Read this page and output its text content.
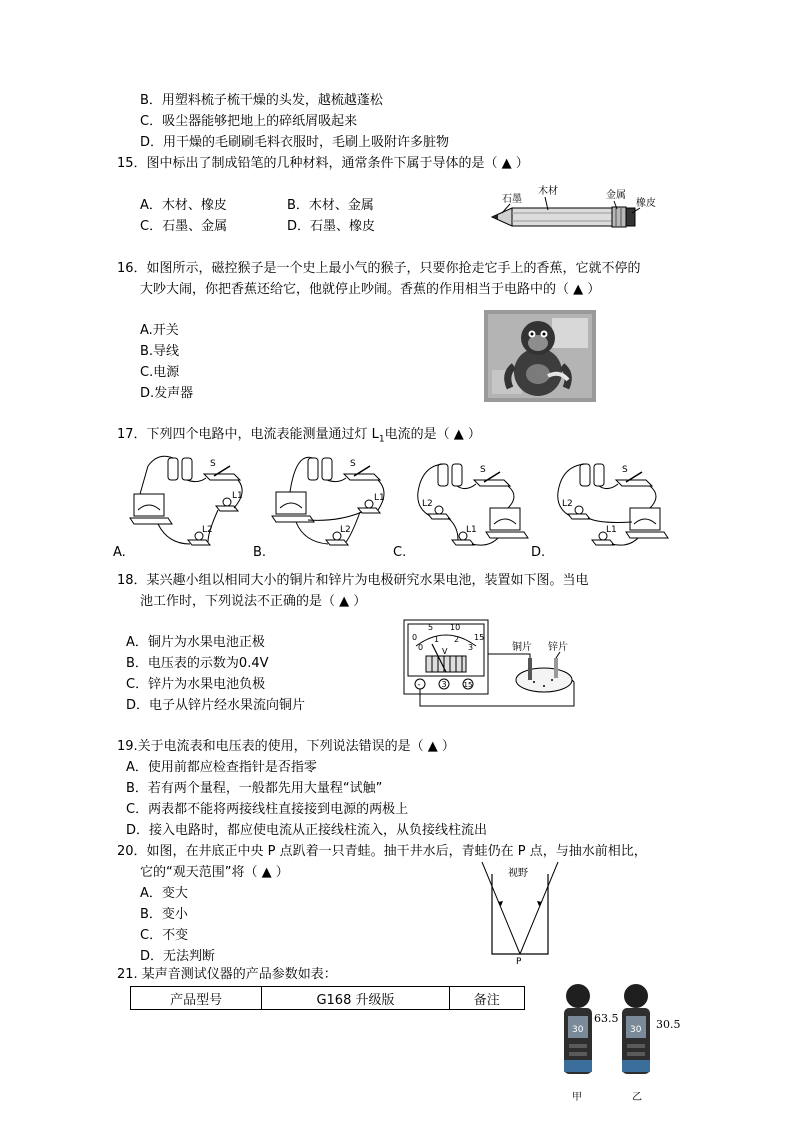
B．用塑料梳子梳干燥的头发，越梳越蓬松
C．吸尘器能够把地上的碎纸屑吸起来
D．用干燥的毛刷刷毛料衣服时，毛刷上吸附许多脏物
15．图中标出了制成铅笔的几种材料，通常条件下属于导体的是（ ▲ ）
A．木材、橡皮	B．木材、金属
C．石墨、金属	D．石墨、橡皮
石墨
木材	金属
橡皮
16．如图所示，磁控猴子是一个史上最小气的猴子，只要你抢走它手上的香蕉，它就不停的
大吵大闹，你把香蕉还给它，他就停止吵闹。香蕉的作用相当于电路中的（ ▲ ）
A.开关
B.导线
C.电源
D.发声器
17．下列四个电路中，电流表能测量通过灯 $L_1$电流的是（ ▲ ）
S
L1
L2
A.
S
L1
L2
B.
S
L2
L1
C.
S
L2
L1
D.
18．某兴趣小组以相同大小的铜片和锌片为电极研究水果电池，装置如下图。当电
池工作时，下列说法不正确的是（ ▲ ）
A．铜片为水果电池正极
B．电压表的示数为0.4V
C．锌片为水果电池负极
D．电子从锌片经水果流向铜片
0
5 10
15
0
1 2
3
V
-	3 15
铜片 锌片
19.关于电流表和电压表的使用，下列说法错误的是（ ▲ ）
A．使用前都应检查指针是否指零
B．若有两个量程，一般都先用大量程“试触”
C．两表都不能将两接线柱直接接到电源的两极上
D．接入电路时，都应使电流从正接线柱流入，从负接线柱流出
20．如图，在井底正中央 P 点趴着一只青蛙。抽干井水后，青蛙仍在 P 点，与抽水前相比，
它的“观天范围”将（ ▲ ）
A．变大
B．变小
C．不变
D．无法判断
视野
P
21. 某声音测试仪器的产品参数如表：
产品型号	G168 升级版	备注
30
63.5
甲
30 30.5
乙
